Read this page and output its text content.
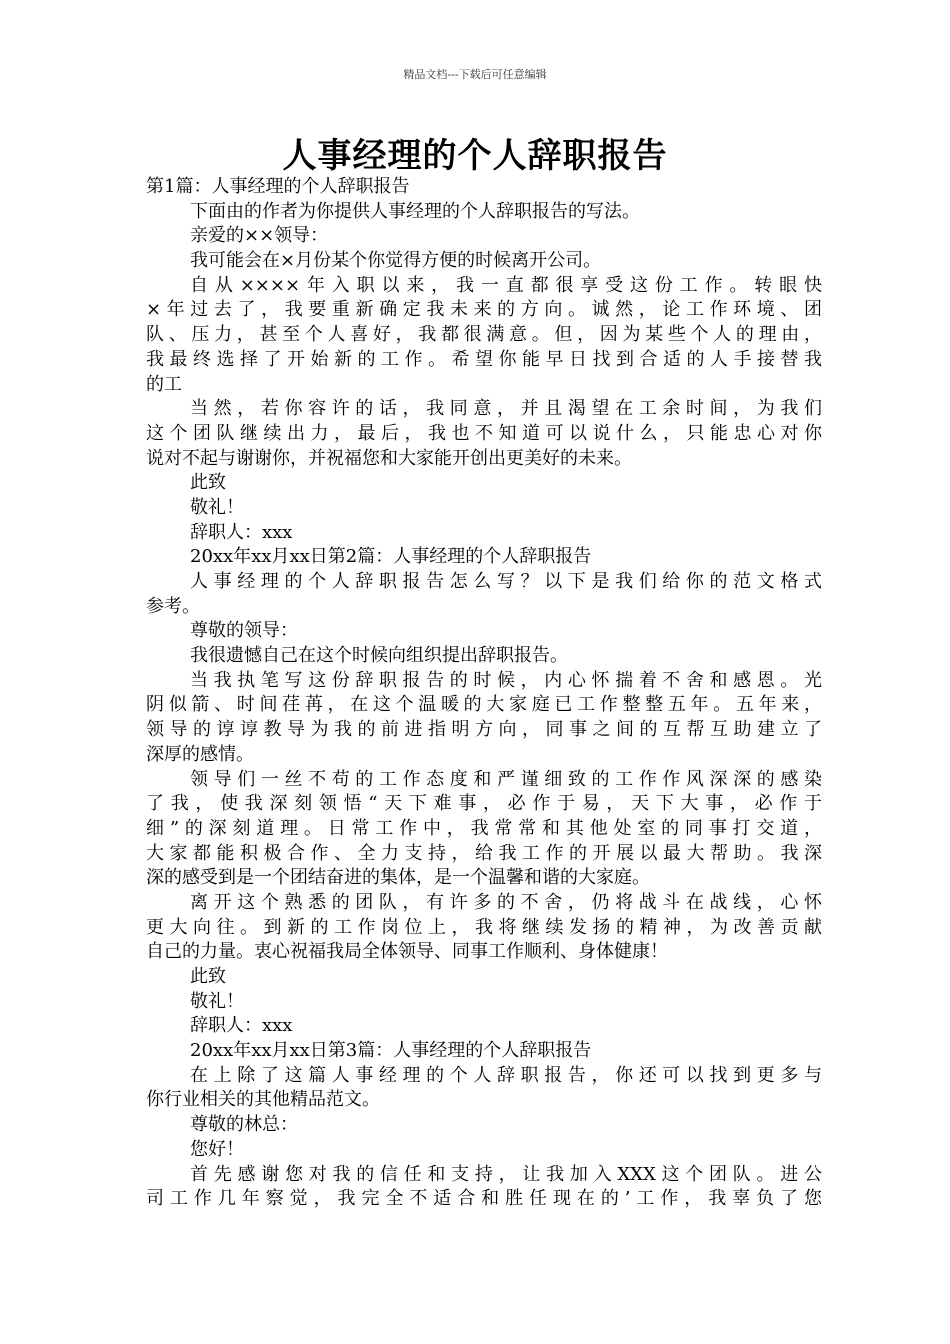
精品文档---下载后可任意编辑
人事经理的个人辞职报告
第1篇：人事经理的个人辞职报告
下面由的作者为你提供人事经理的个人辞职报告的写法。
亲爱的××领导：
我可能会在×月份某个你觉得方便的时候离开公司。
自从××××年入职以来，我一直都很享受这份工作。转眼快
×年过去了，我要重新确定我未来的方向。诚然，论工作环境、团
队、压力，甚至个人喜好，我都很满意。但，因为某些个人的理由，
我最终选择了开始新的工作。希望你能早日找到合适的人手接替我
的工
当然，若你容许的话，我同意，并且渴望在工余时间，为我们
这个团队继续出力，最后，我也不知道可以说什么，只能忠心对你
说对不起与谢谢你，并祝福您和大家能开创出更美好的未来。
此致
敬礼！
辞职人：xxx
20xx年xx月xx日第2篇：人事经理的个人辞职报告
人事经理的个人辞职报告怎么写？以下是我们给你的范文格式
参考。
尊敬的领导：
我很遗憾自己在这个时候向组织提出辞职报告。
当我执笔写这份辞职报告的时候，内心怀揣着不舍和感恩。光
阴似箭、时间荏苒，在这个温暖的大家庭已工作整整五年。五年来，
领导的谆谆教导为我的前进指明方向，同事之间的互帮互助建立了
深厚的感情。
领导们一丝不苟的工作态度和严谨细致的工作作风深深的感染
了我，使我深刻领悟“天下难事，必作于易，天下大事，必作于
细”的深刻道理。日常工作中，我常常和其他处室的同事打交道，
大家都能积极合作、全力支持，给我工作的开展以最大帮助。我深
深的感受到是一个团结奋进的集体，是一个温馨和谐的大家庭。
离开这个熟悉的团队，有许多的不舍，仍将战斗在战线，心怀
更大向往。到新的工作岗位上，我将继续发扬的精神，为改善贡献
自己的力量。衷心祝福我局全体领导、同事工作顺利、身体健康！
此致
敬礼！
辞职人：xxx
20xx年xx月xx日第3篇：人事经理的个人辞职报告
在上除了这篇人事经理的个人辞职报告，你还可以找到更多与
你行业相关的其他精品范文。
尊敬的林总：
您好！
首先感谢您对我的信任和支持，让我加入XXX这个团队。进公
司工作几年察觉，我完全不适合和胜任现在的’工作，我辜负了您
